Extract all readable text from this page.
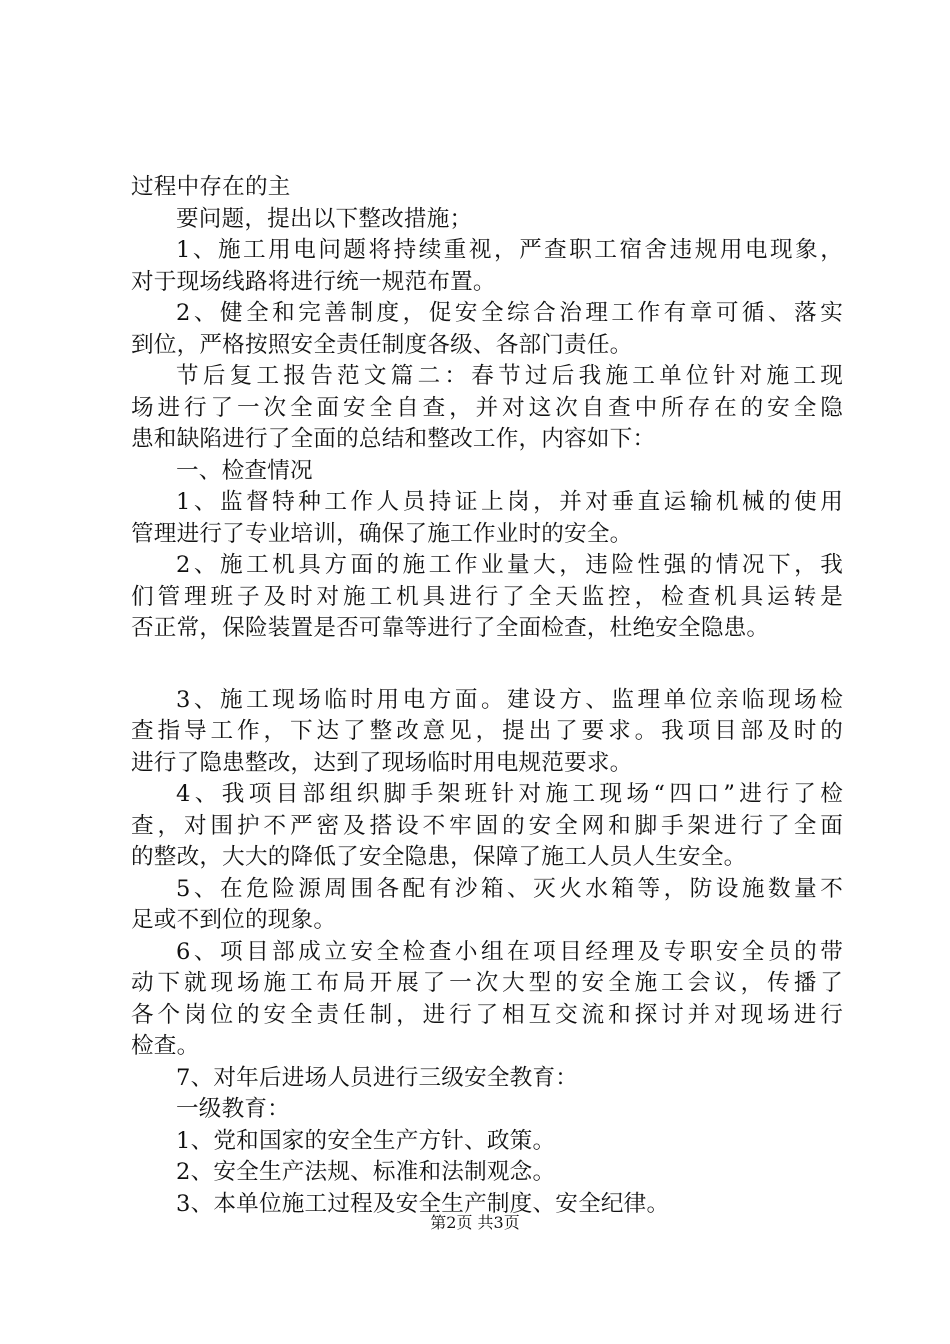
过程中存在的主
要问题，提出以下整改措施；
1、施工用电问题将持续重视，严查职工宿舍违规用电现象，
对于现场线路将进行统一规范布置。
2、健全和完善制度，促安全综合治理工作有章可循、落实
到位，严格按照安全责任制度各级、各部门责任。
节后复工报告范文篇二：春节过后我施工单位针对施工现
场进行了一次全面安全自查，并对这次自查中所存在的安全隐
患和缺陷进行了全面的总结和整改工作，内容如下：
一、检查情况
1、监督特种工作人员持证上岗，并对垂直运输机械的使用
管理进行了专业培训，确保了施工作业时的安全。
2、施工机具方面的施工作业量大，违险性强的情况下，我
们管理班子及时对施工机具进行了全天监控，检查机具运转是
否正常，保险装置是否可靠等进行了全面检查，杜绝安全隐患。
3、施工现场临时用电方面。建设方、监理单位亲临现场检
查指导工作，下达了整改意见，提出了要求。我项目部及时的
进行了隐患整改，达到了现场临时用电规范要求。
4、我项目部组织脚手架班针对施工现场“四口”进行了检
查，对围护不严密及搭设不牢固的安全网和脚手架进行了全面
的整改，大大的降低了安全隐患，保障了施工人员人生安全。
5、在危险源周围各配有沙箱、灭火水箱等，防设施数量不
足或不到位的现象。
6、项目部成立安全检查小组在项目经理及专职安全员的带
动下就现场施工布局开展了一次大型的安全施工会议，传播了
各个岗位的安全责任制，进行了相互交流和探讨并对现场进行
检查。
7、对年后进场人员进行三级安全教育：
一级教育：
1、党和国家的安全生产方针、政策。
2、安全生产法规、标准和法制观念。
3、本单位施工过程及安全生产制度、安全纪律。
第2页 共3页
